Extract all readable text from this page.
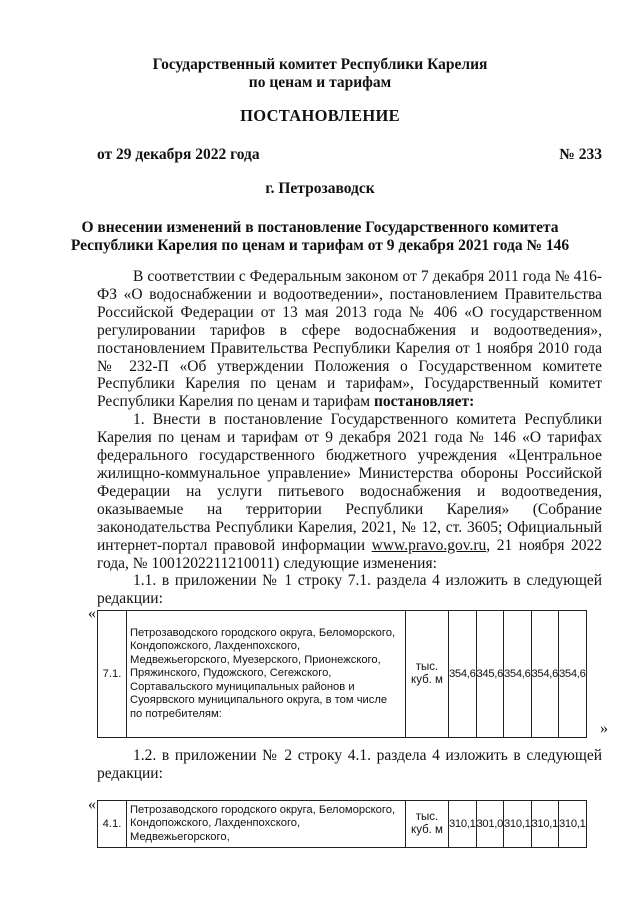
Государственный комитет Республики Карелия
по ценам и тарифам
ПОСТАНОВЛЕНИЕ
от 29 декабря 2022 года	№ 233
г. Петрозаводск
О внесении изменений в постановление Государственного комитета
Республики Карелия по ценам и тарифам от 9 декабря 2021 года № 146

В соответствии с Федеральным законом от 7 декабря 2011 года № 416-ФЗ «О водоснабжении и водоотведении», постановлением Правительства Российской Федерации от 13 мая 2013 года № 406 «О государственном регулировании тарифов в сфере водоснабжения и водоотведения», постановлением Правительства Республики Карелия от 1 ноября 2010 года № 232-П «Об утверждении Положения о Государственном комитете Республики Карелия по ценам и тарифам», Государственный комитет Республики Карелия по ценам и тарифам постановляет:

1. Внести в постановление Государственного комитета Республики Карелия по ценам и тарифам от 9 декабря 2021 года № 146 «О тарифах федерального государственного бюджетного учреждения «Центральное жилищно-коммунальное управление» Министерства обороны Российской Федерации на услуги питьевого водоснабжения и водоотведения, оказываемые на территории Республики Карелия» (Собрание законодательства Республики Карелия, 2021, № 12, ст. 3605; Официальный интернет-портал правовой информации www.pravo.gov.ru, 21 ноября 2022 года, № 1001202211210011) следующие изменения:

1.1. в приложении № 1 строку 7.1. раздела 4 изложить в следующей редакции:

«
7.1.	Петрозаводского городского округа, Беломорского, Кондопожского, Лахденпохского, Медвежьегорского, Муезерского, Прионежского, Пряжинского, Пудожского, Сегежского, Сортавальского муниципальных районов и Суоярвского муниципального округа, в том числе по потребителям:	тыс. куб. м	354,6	345,6	354,6	354,6	354,6
»

1.2. в приложении № 2 строку 4.1. раздела 4 изложить в следующей редакции:

«
4.1.	Петрозаводского городского округа, Беломорского, Кондопожского, Лахденпохского, Медвежьегорского,	тыс. куб. м	310,1	301,0	310,1	310,1	310,1
